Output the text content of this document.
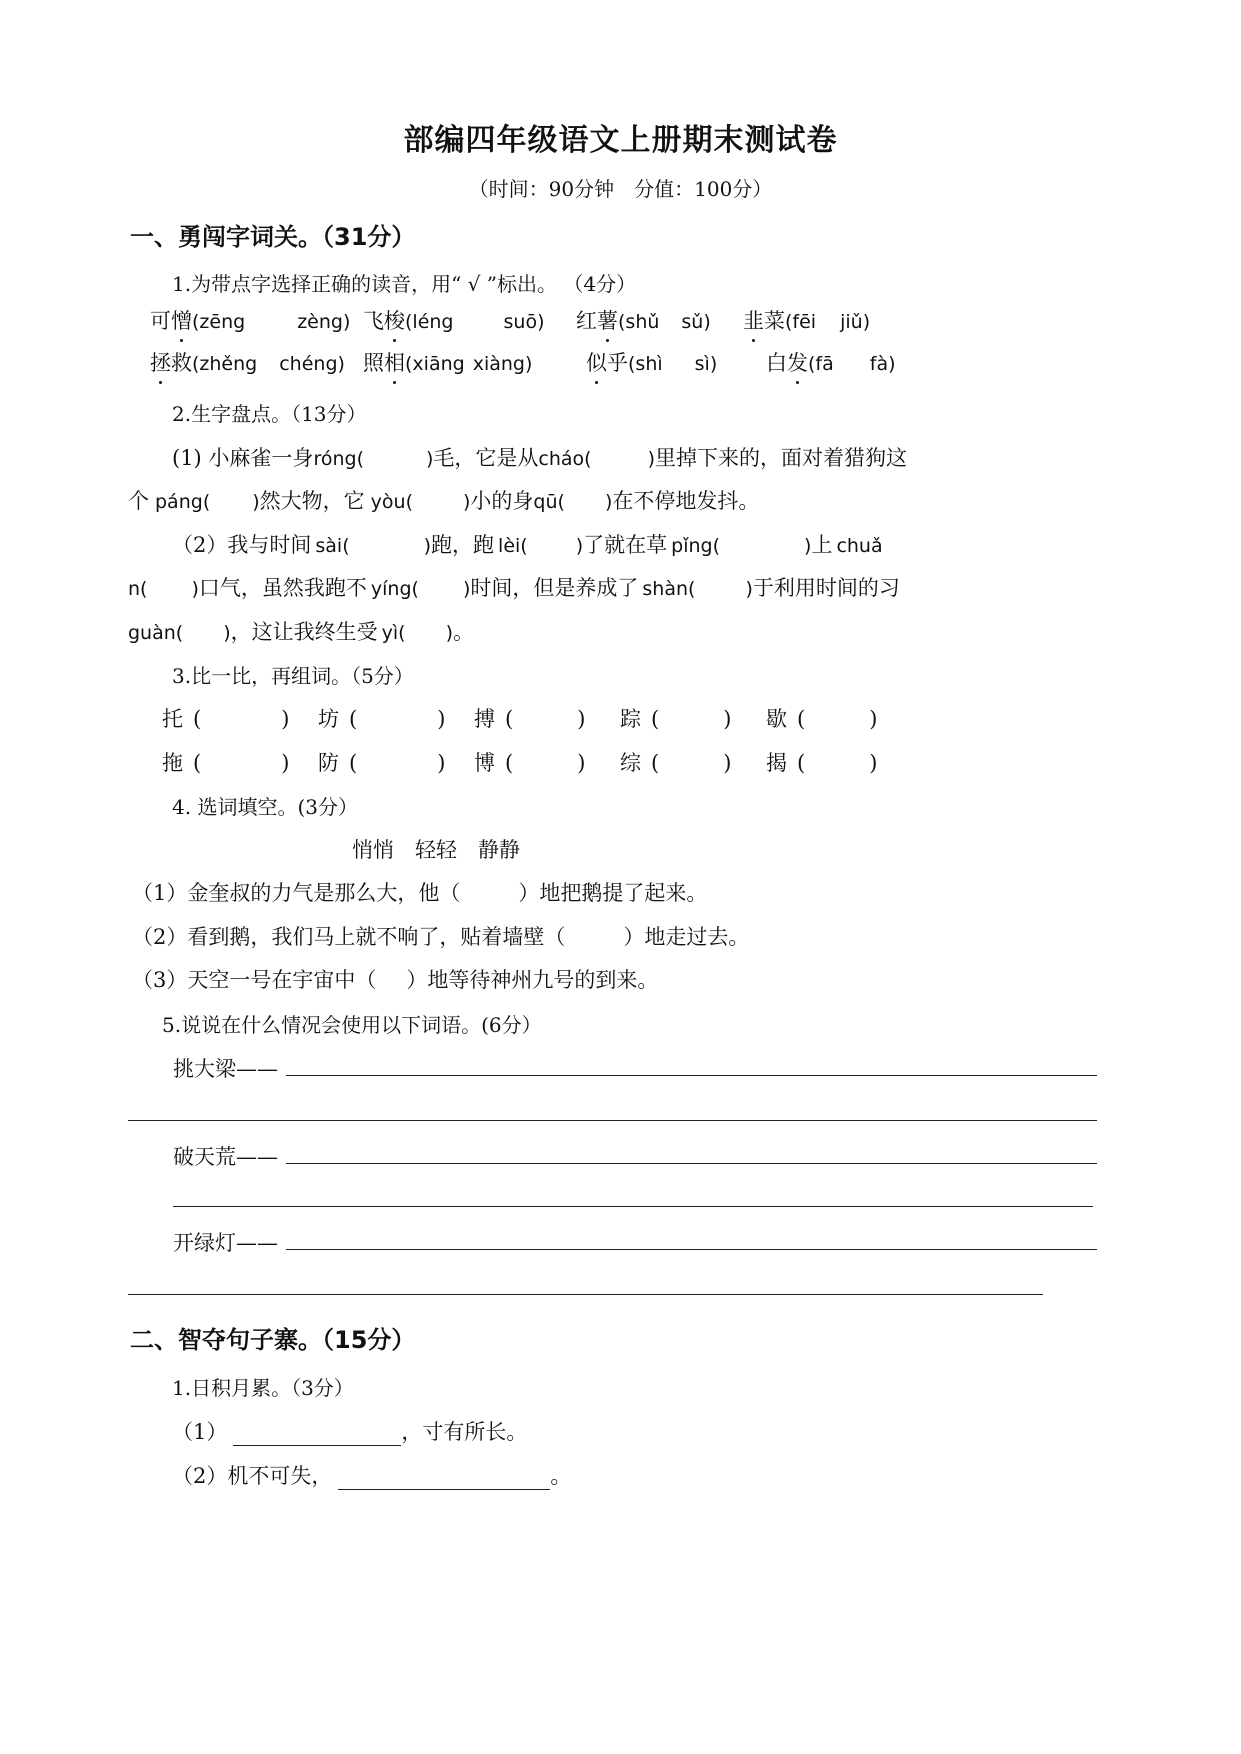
部编四年级语文上册期末测试卷
（时间：90分钟　分值：100分）
一、勇闯字词关。（31分）
1.为带点字选择正确的读音，用“ √ ”标出。 （4分）
可憎(zēng	zèng) 飞梭(léng	suō) 红薯(shǔ sǔ) 韭菜(fēi jiǔ)
拯救(zhěng chéng) 照相(xiāng xiàng)	似乎(shì sì) 白发(fā fà)
2.生字盘点。（13分）
(1) 小麻雀一身róng(	)毛，它是从cháo(	)里掉下来的，面对着猎狗这
个 páng( )然大物，它 yòu(	)小的身qū( )在不停地发抖。
（2）我与时间 sài(	)跑，跑 lèi(	)了就在草 pǐng(	)上 chuǎ
n( )口气，虽然我跑不 yíng( )时间，但是养成了 shàn(	)于利用时间的习
guàn( )，这让我终生受 yì( )。
3.比一比，再组词。（5分）
托 (	) 坊 (	) 搏 (	) 踪 (	) 歇 (	)
拖 (	) 防 (	) 博 (	) 综 (	) 揭 (	)
4. 选词填空。(3分）
悄悄　轻轻　静静
（1）金奎叔的力气是那么大，他（	）地把鹅提了起来。
（2）看到鹅，我们马上就不响了，贴着墙壁（	）地走过去。
（3）天空一号在宇宙中（ ）地等待神州九号的到来。
5.说说在什么情况会使用以下词语。(6分）
挑大梁——
破天荒——
开绿灯——
二、智夺句子寨。（15分）
1.日积月累。（3分）
（1）	，寸有所长。
（2）机不可失，	。
